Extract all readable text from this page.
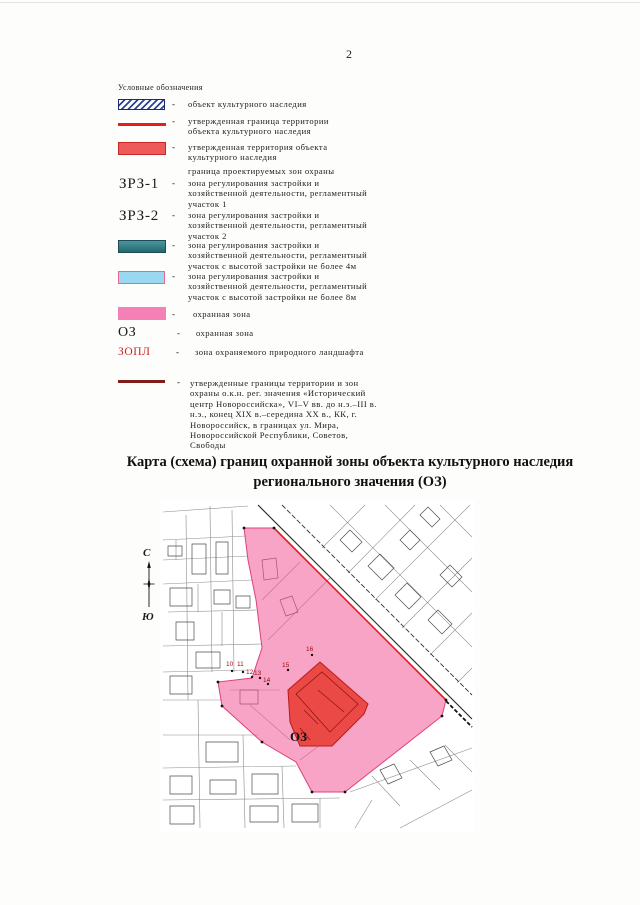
2
Условные обозначения
- объект культурного наследия
- утвержденная граница территории
объекта культурного наследия
- утвержденная территория объекта
культурного наследия
граница проектируемых зон охраны
ЗРЗ-1 - зона регулирования застройки и
хозяйственной деятельности, регламентный
участок 1
ЗРЗ-2 - зона регулирования застройки и
хозяйственной деятельности, регламентный
участок 2
- зона регулирования застройки и
хозяйственной деятельности, регламентный
участок с высотой застройки не более 4м
- зона регулирования застройки и
хозяйственной деятельности, регламентный
участок с высотой застройки не более 8м
- охранная зона
ОЗ	- охранная зона
ЗОПЛ	- зона охраняемого природного ландшафта
- утвержденные границы территории и зон
охраны о.к.н. рег. значения «Исторический
центр Новороссийска», VI–V вв. до н.э.–III в.
н.э., конец XIX в.–середина XX в., КК, г.
Новороссийск, в границах ул. Мира,
Новороссийской Республики, Советов,
Свободы
Карта (схема) границ охранной зоны объекта культурного наследия
регионального значения (ОЗ)
С
Ю
16
15
10 11
12 13
14
ОЗ
